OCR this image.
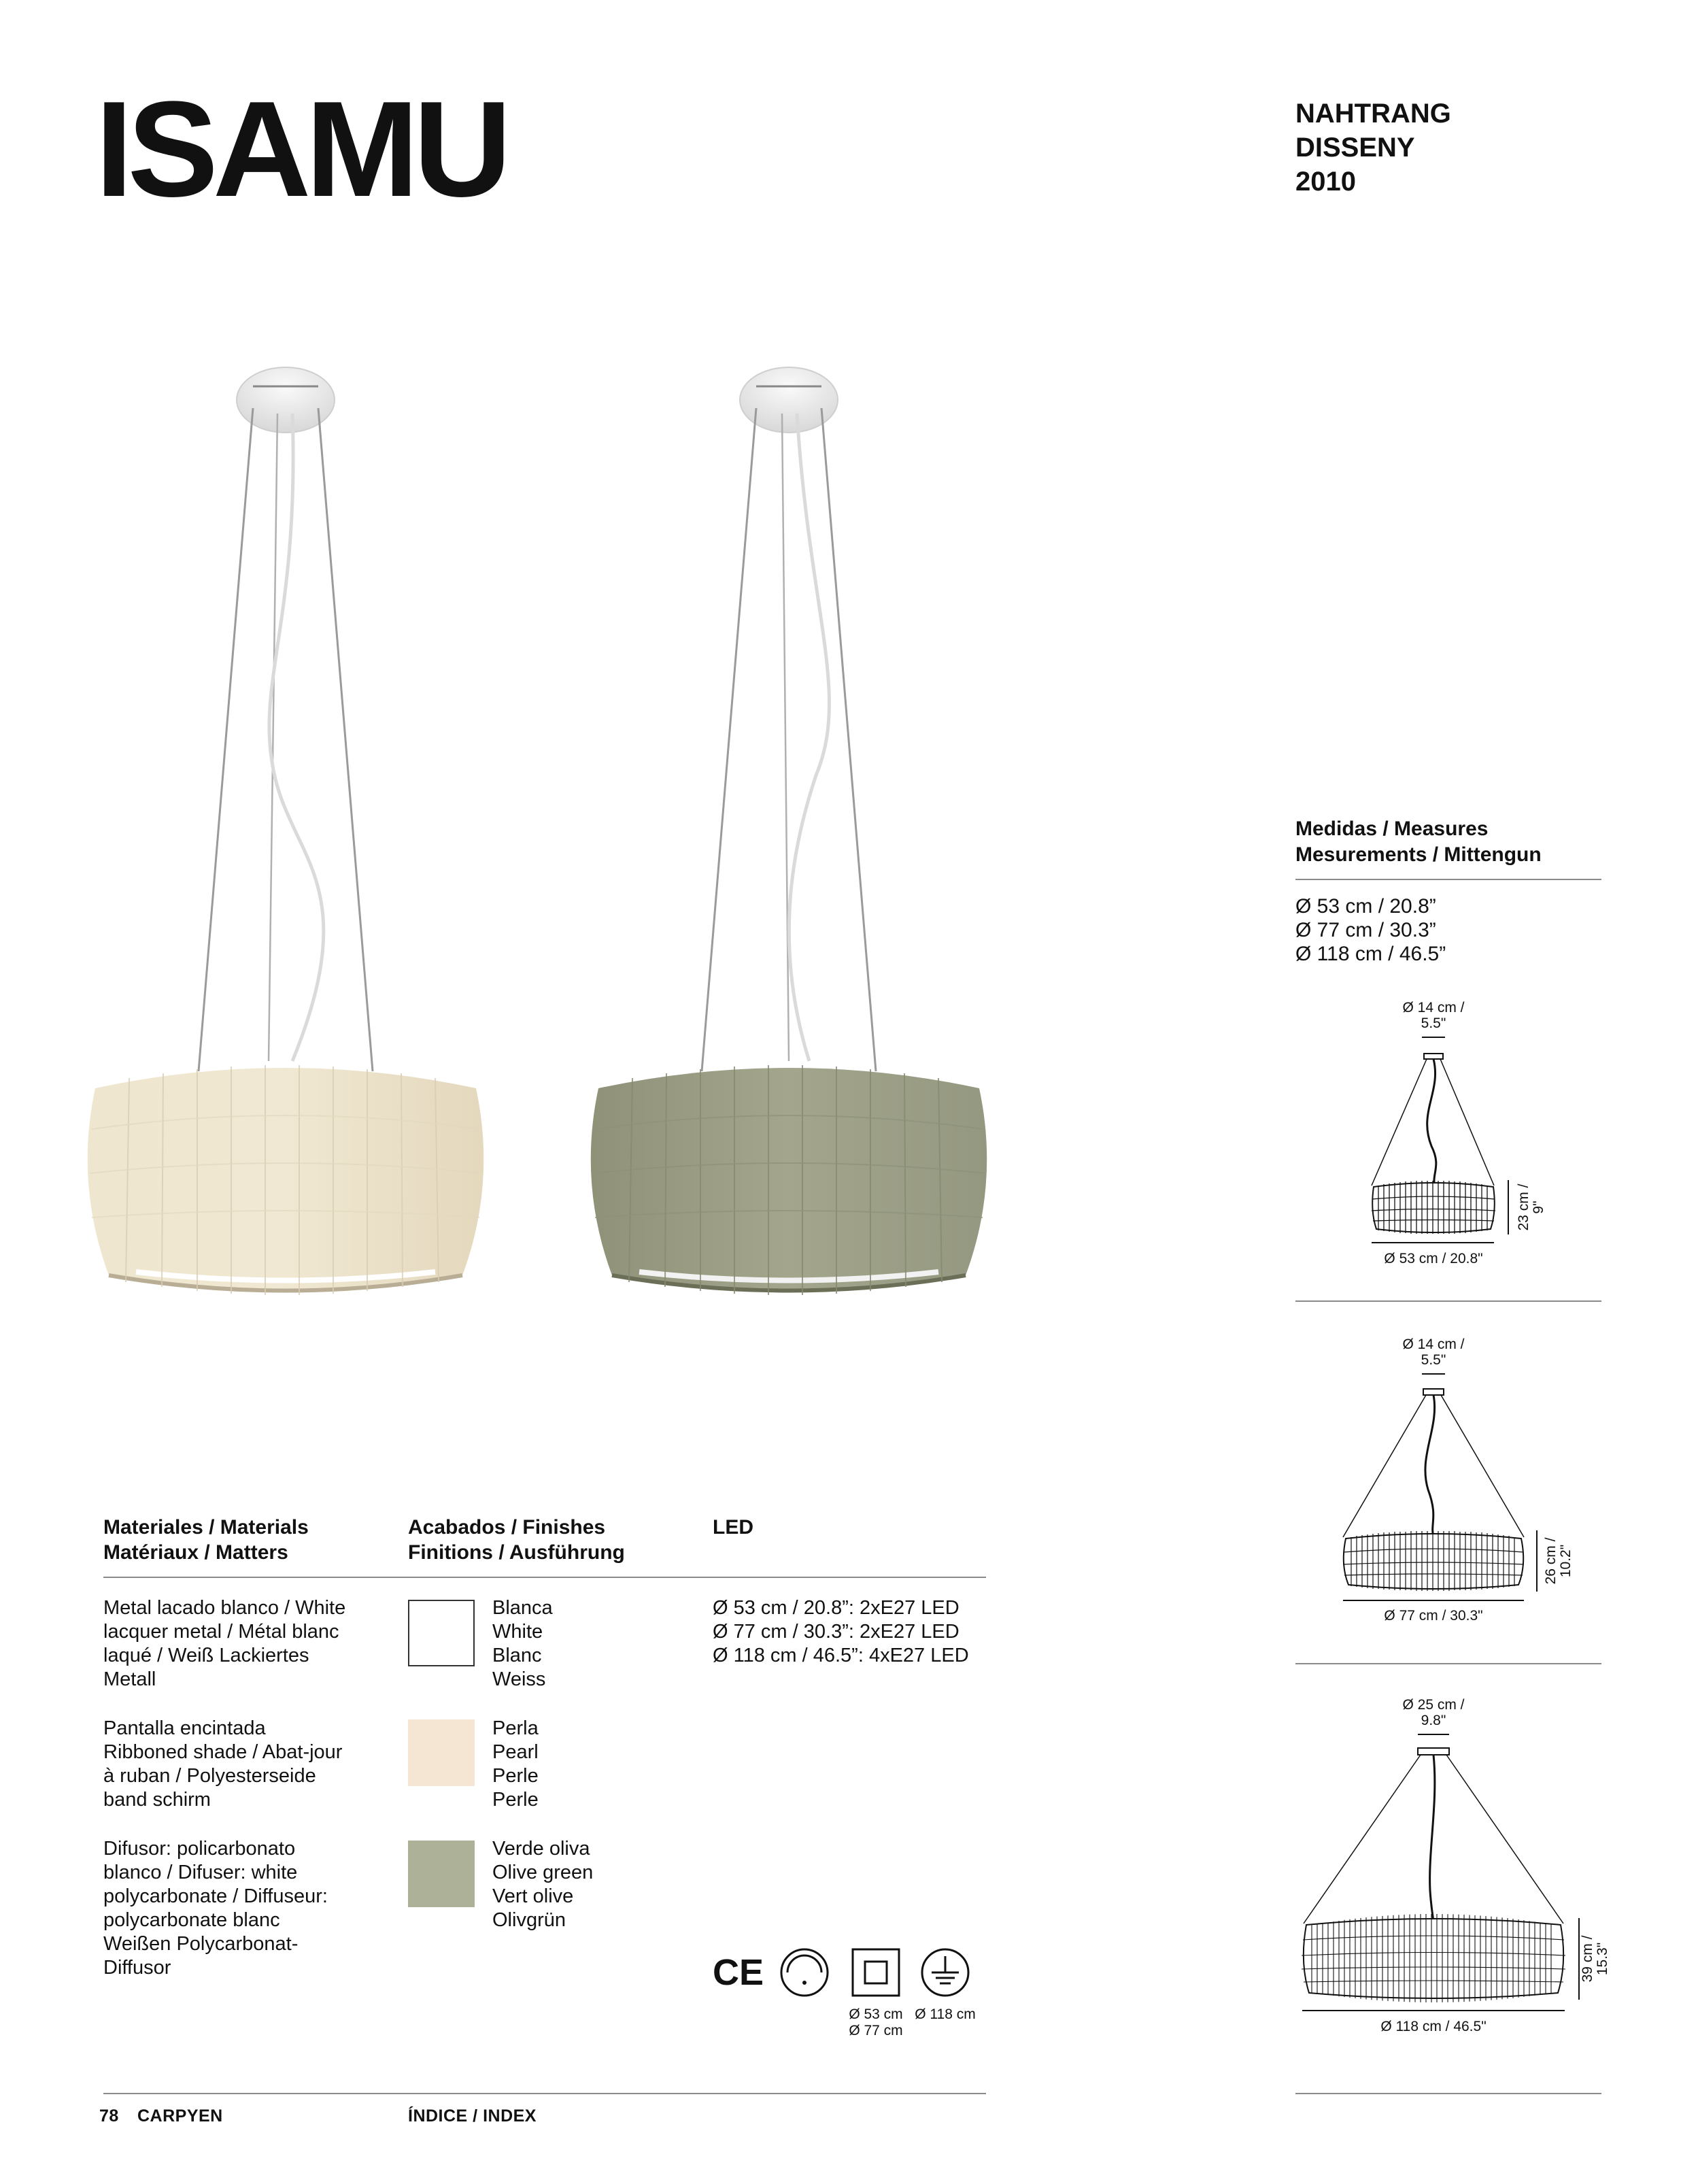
ISAMU	NAHTRANG
DISSENY
2010
Medidas / Measures
Mesurements / Mittengun
Ø 53 cm / 20.8”
Ø 77 cm / 30.3”
Ø 118 cm / 46.5”
Ø 14 cm /
5.5"
23 cm / 9"
Ø 53 cm / 20.8"
Ø 14 cm /
5.5"
26 cm / 10.2"
Ø 77 cm / 30.3"
Ø 25 cm /
9.8"
39 cm / 15.3"
Ø 118 cm / 46.5"
Materiales / Materials
Matériaux / Matters
Acabados / Finishes
Finitions / Ausführung
LED
Metal lacado blanco / White
lacquer metal / Métal blanc
laqué / Weiß Lackiertes
Metall
Blanca
White
Blanc
Weiss
Pantalla encintada
Ribboned shade / Abat-jour
à ruban / Polyesterseide
band schirm
Perla
Pearl
Perle
Perle
Difusor: policarbonato
blanco / Difuser: white
polycarbonate / Diffuseur:
polycarbonate blanc
Weißen Polycarbonat-
Diffusor
Verde oliva
Olive green
Vert olive
Olivgrün
Ø 53 cm / 20.8”: 2xE27 LED
Ø 77 cm / 30.3”: 2xE27 LED
Ø 118 cm / 46.5”: 4xE27 LED
CE
Ø 53 cm
Ø 77 cm
Ø 118 cm
78 CARPYEN	ÍNDICE / INDEX
